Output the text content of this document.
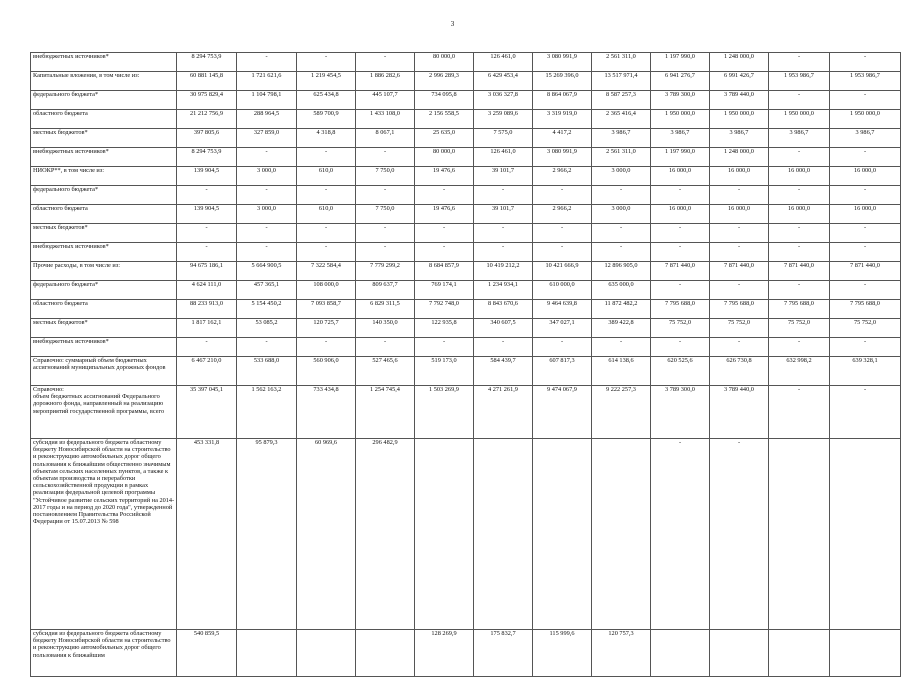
3
внебюджетных источников*	8 294 753,9	-	-	-	80 000,0	126 461,0	3 080 991,9	2 561 311,0	1 197 990,0	1 248 000,0	-	-
Капитальные вложения, в том числе из:	60 881 145,8	1 721 621,6	1 219 454,5	1 886 282,6	2 996 289,3	6 429 453,4	15 269 396,0	13 517 971,4	6 941 276,7	6 991 426,7	1 953 986,7	1 953 986,7
федерального бюджета*	30 975 829,4	1 104 798,1	625 434,8	445 107,7	734 095,8	3 036 327,8	8 864 067,9	8 587 257,3	3 789 300,0	3 789 440,0	-	-
областного бюджета	21 212 756,9	288 964,5	589 700,9	1 433 108,0	2 156 558,5	3 259 089,6	3 319 919,0	2 365 416,4	1 950 000,0	1 950 000,0	1 950 000,0	1 950 000,0
местных бюджетов*	397 805,6	327 859,0	4 318,8	8 067,1	25 635,0	7 575,0	4 417,2	3 986,7	3 986,7	3 986,7	3 986,7	3 986,7
внебюджетных источников*	8 294 753,9	-	-	-	80 000,0	126 461,0	3 080 991,9	2 561 311,0	1 197 990,0	1 248 000,0	-	-
НИОКР**, в том числе из:	139 904,5	3 000,0	610,0	7 750,0	19 476,6	39 101,7	2 966,2	3 000,0	16 000,0	16 000,0	16 000,0	16 000,0
федерального бюджета*	-	-	-	-	-	-	-	-	-	-	-	-
областного бюджета	139 904,5	3 000,0	610,0	7 750,0	19 476,6	39 101,7	2 966,2	3 000,0	16 000,0	16 000,0	16 000,0	16 000,0
местных бюджетов*	-	-	-	-	-	-	-	-	-	-	-	-
внебюджетных источников*	-	-	-	-	-	-	-	-	-	-	-	-
Прочие расходы, в том числе из:	94 675 186,1	5 664 900,5	7 322 584,4	7 779 299,2	8 684 857,9	10 419 212,2	10 421 666,9	12 896 905,0	7 871 440,0	7 871 440,0	7 871 440,0	7 871 440,0
федерального бюджета*	4 624 111,0	457 365,1	108 000,0	809 637,7	769 174,1	1 234 934,1	610 000,0	635 000,0	-	-	-	-
областного бюджета	88 233 913,0	5 154 450,2	7 093 858,7	6 829 311,5	7 792 748,0	8 843 670,6	9 464 639,8	11 872 482,2	7 795 688,0	7 795 688,0	7 795 688,0	7 795 688,0
местных бюджетов*	1 817 162,1	53 085,2	120 725,7	140 350,0	122 935,8	340 607,5	347 027,1	389 422,8	75 752,0	75 752,0	75 752,0	75 752,0
внебюджетных источников*	-	-	-	-	-	-	-	-	-	-	-	-
Справочно: суммарный объем бюджетных ассигнований муниципальных дорожных фондов	6 467 210,0	533 688,0	560 906,0	527 465,6	519 173,0	584 439,7	607 817,3	614 138,6	620 525,6	626 730,8	632 998,2	639 328,1
Справочно:
объем бюджетных ассигнований Федерального дорожного фонда, направленный на реализацию мероприятий государственной программы, всего	35 397 045,1	1 562 163,2	733 434,8	1 254 745,4	1 503 269,9	4 271 261,9	9 474 067,9	9 222 257,3	3 789 300,0	3 789 440,0	-	-
субсидия из федерального бюджета областному бюджету Новосибирской области на строительство и реконструкцию автомобильных дорог общего пользования к ближайшим общественно значимым объектам сельских населенных пунктов, а также к объектам производства и переработки сельскохозяйственной продукции в рамках реализации федеральной целевой программы "Устойчивое развитие сельских территорий на 2014-2017 годы и на период до 2020 года", утвержденной постановлением Правительства Российской Федерации от 15.07.2013 № 598	453 331,8	95 879,3	60 969,6	296 482,9					-	-		
субсидия из федерального бюджета областному бюджету Новосибирской области на строительство и реконструкцию автомобильных дорог общего пользования к ближайшим	540 859,5				128 269,9	175 832,7	115 999,6	120 757,3				
